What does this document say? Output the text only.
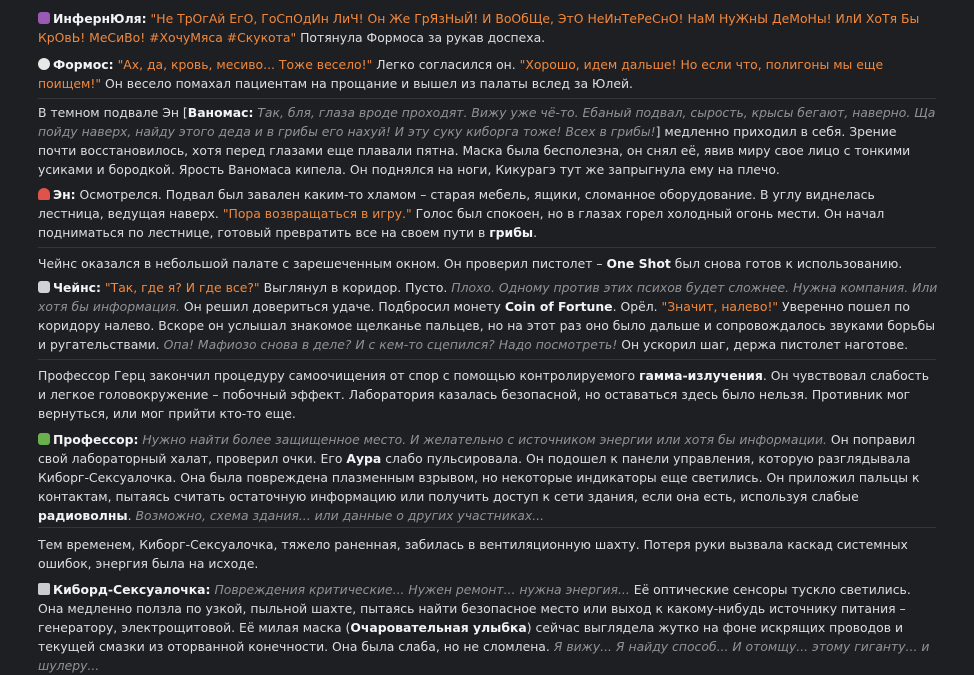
ИнфернЮля: "Не ТрОгАй ЕгО, ГоСпОдИн ЛиЧ! Он Же ГрЯзНыЙ! И ВоОбЩе, ЭтО НеИнТеРеСнО! НаМ НуЖнЫ ДеМоНы! ИлИ ХоТя Бы КрОвЬ! МеСиВо! #ХочуМяса #Скукота" Потянула Формоса за рукав доспеха.

Формос: "Ах, да, кровь, месиво... Тоже весело!" Легко согласился он. "Хорошо, идем дальше! Но если что, полигоны мы еще поищем!" Он весело помахал пациентам на прощание и вышел из палаты вслед за Юлей.

В темном подвале Эн [Ваномас: Так, бля, глаза вроде проходят. Вижу уже чё-то. Ебаный подвал, сырость, крысы бегают, наверно. Ща пойду наверх, найду этого деда и в грибы его нахуй! И эту суку киборга тоже! Всех в грибы!] медленно приходил в себя. Зрение почти восстановилось, хотя перед глазами еще плавали пятна. Маска была бесполезна, он снял её, явив миру свое лицо с тонкими усиками и бородкой. Ярость Ваномаса кипела. Он поднялся на ноги, Кикурагэ тут же запрыгнула ему на плечо.

Эн: Осмотрелся. Подвал был завален каким-то хламом – старая мебель, ящики, сломанное оборудование. В углу виднелась лестница, ведущая наверх. "Пора возвращаться в игру." Голос был спокоен, но в глазах горел холодный огонь мести. Он начал подниматься по лестнице, готовый превратить все на своем пути в грибы.

Чейнс оказался в небольшой палате с зарешеченным окном. Он проверил пистолет – One Shot был снова готов к использованию.

Чейнс: "Так, где я? И где все?" Выглянул в коридор. Пусто. Плохо. Одному против этих психов будет сложнее. Нужна компания. Или хотя бы информация. Он решил довериться удаче. Подбросил монету Coin of Fortune. Орёл. "Значит, налево!" Уверенно пошел по коридору налево. Вскоре он услышал знакомое щелканье пальцев, но на этот раз оно было дальше и сопровождалось звуками борьбы и ругательствами. Опа! Мафиозо снова в деле? И с кем-то сцепился? Надо посмотреть! Он ускорил шаг, держа пистолет наготове.

Профессор Герц закончил процедуру самоочищения от спор с помощью контролируемого гамма-излучения. Он чувствовал слабость и легкое головокружение – побочный эффект. Лаборатория казалась безопасной, но оставаться здесь было нельзя. Противник мог вернуться, или мог прийти кто-то еще.

Профессор: Нужно найти более защищенное место. И желательно с источником энергии или хотя бы информации. Он поправил свой лабораторный халат, проверил очки. Его Аура слабо пульсировала. Он подошел к панели управления, которую разглядывала Киборг-Сексуалочка. Она была повреждена плазменным взрывом, но некоторые индикаторы еще светились. Он приложил пальцы к контактам, пытаясь считать остаточную информацию или получить доступ к сети здания, если она есть, используя слабые радиоволны. Возможно, схема здания... или данные о других участниках...

Тем временем, Киборг-Сексуалочка, тяжело раненная, забилась в вентиляционную шахту. Потеря руки вызвала каскад системных ошибок, энергия была на исходе.

Киборд-Сексуалочка: Повреждения критические... Нужен ремонт... нужна энергия... Её оптические сенсоры тускло светились. Она медленно ползла по узкой, пыльной шахте, пытаясь найти безопасное место или выход к какому-нибудь источнику питания – генератору, электрощитовой. Её милая маска (Очаровательная улыбка) сейчас выглядела жутко на фоне искрящих проводов и текущей смазки из оторванной конечности. Она была слаба, но не сломлена. Я вижу... Я найду способ... И отомщу... этому гиганту... и шулеру...
